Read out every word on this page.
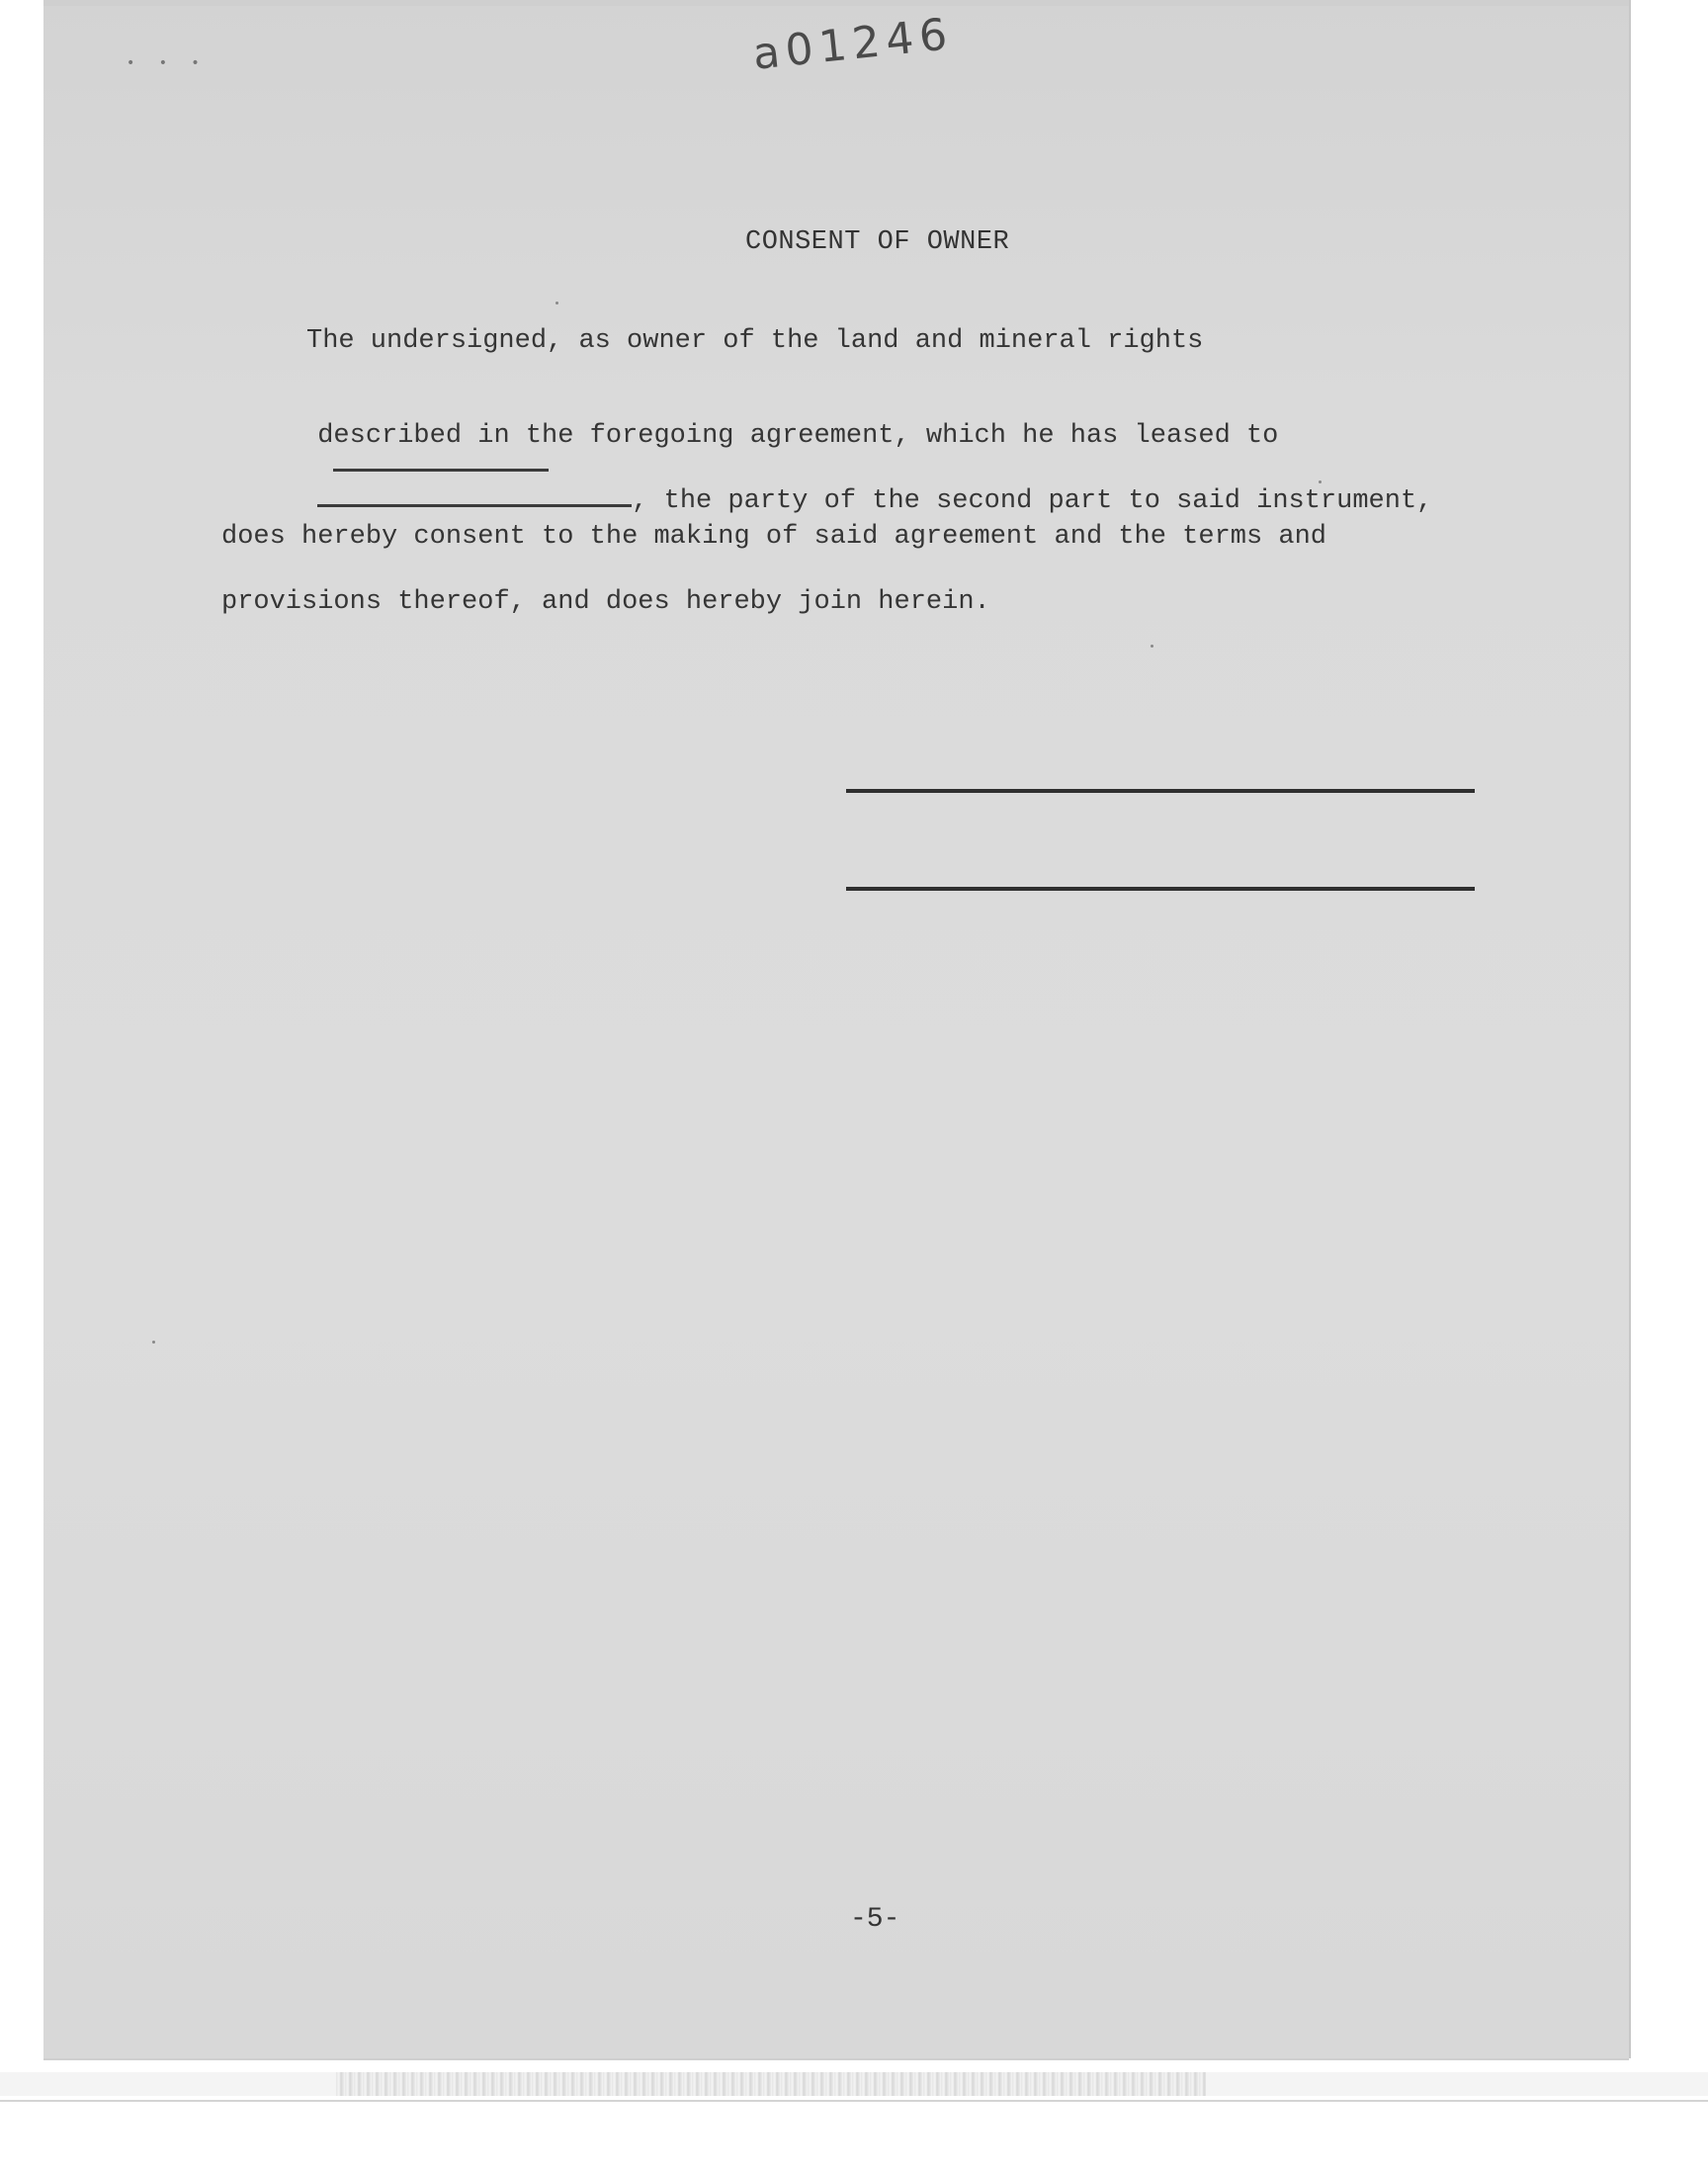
• • •	a01246
CONSENT OF OWNER
The undersigned, as owner of the land and mineral rights

described in the foregoing agreement, which he has leased to

, the party of the second part to said instrument,

does hereby consent to the making of said agreement and the terms and
provisions thereof, and does hereby join herein.
-5-
